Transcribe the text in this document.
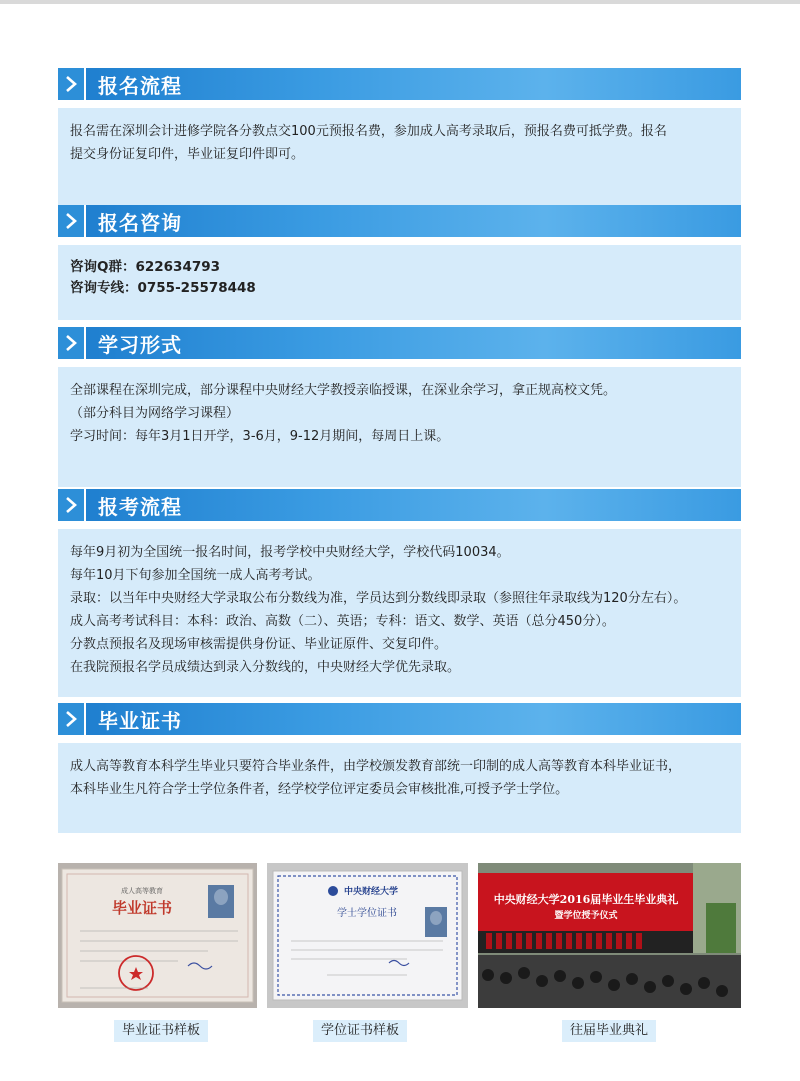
报名流程

报名需在深圳会计进修学院各分教点交100元预报名费，参加成人高考录取后，预报名费可抵学费。报名

提交身份证复印件，毕业证复印件即可。

报名咨询

咨询Q群：622634793

咨询专线：0755-25578448

学习形式

全部课程在深圳完成，部分课程中央财经大学教授亲临授课，在深业余学习，拿正规高校文凭。

（部分科目为网络学习课程）

学习时间：每年3月1日开学，3-6月，9-12月期间，每周日上课。

报考流程

每年9月初为全国统一报名时间，报考学校中央财经大学，学校代码10034。

每年10月下旬参加全国统一成人高考考试。

录取：以当年中央财经大学录取公布分数线为准，学员达到分数线即录取（参照往年录取线为120分左右）。

成人高考考试科目：本科：政治、高数（二）、英语；专科：语文、数学、英语（总分450分）。

分教点预报名及现场审核需提供身份证、毕业证原件、交复印件。

在我院预报名学员成绩达到录入分数线的，中央财经大学优先录取。

毕业证书

成人高等教育本科学生毕业只要符合毕业条件，由学校颁发教育部统一印制的成人高等教育本科毕业证书，

本科毕业生凡符合学士学位条件者，经学校学位评定委员会审核批准,可授予学士学位。

成人高等教育
毕业证书
中央财经大学
学士学位证书
中央财经大学2016届毕业生毕业典礼
暨学位授予仪式
毕业证书样板	学位证书样板	往届毕业典礼
